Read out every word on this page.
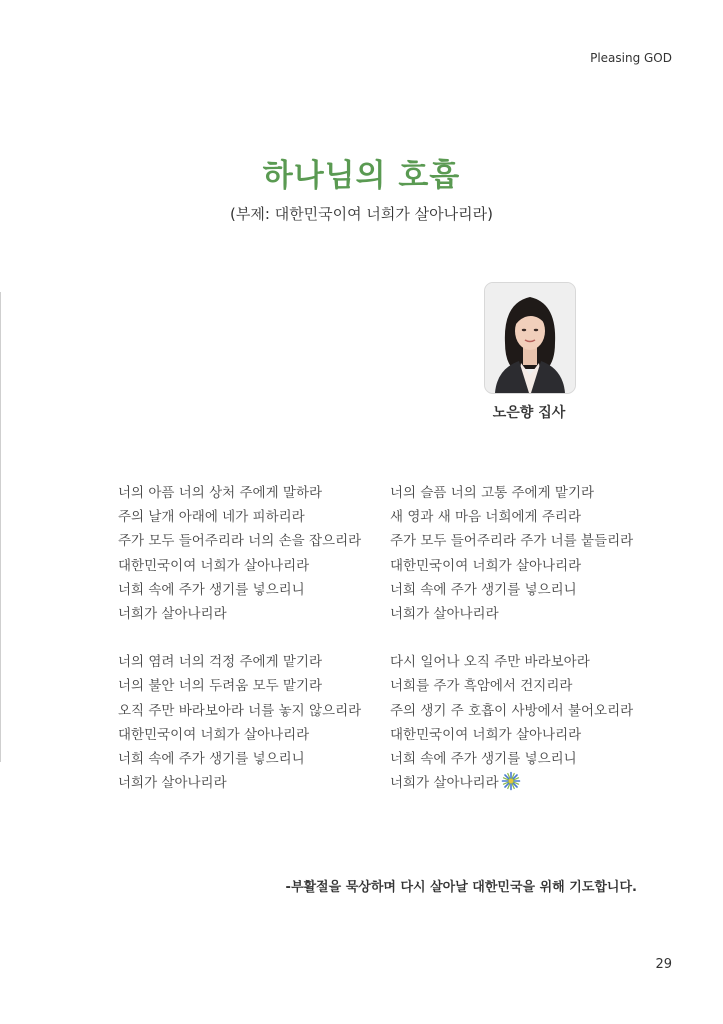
Pleasing GOD
하나님의 호흡
(부제: 대한민국이여 너희가 살아나리라)
노은향 집사

너의 아픔 너의 상처 주에게 말하라
주의 날개 아래에 네가 피하리라
주가 모두 들어주리라 너의 손을 잡으리라
대한민국이여 너희가 살아나리라
너희 속에 주가 생기를 넣으리니
너희가 살아나리라

너의 염려 너의 걱정 주에게 맡기라
너의 불안 너의 두려움 모두 맡기라
오직 주만 바라보아라 너를 놓지 않으리라
대한민국이여 너희가 살아나리라
너희 속에 주가 생기를 넣으리니
너희가 살아나리라

너의 슬픔 너의 고통 주에게 맡기라
새 영과 새 마음 너희에게 주리라
주가 모두 들어주리라 주가 너를 붙들리라
대한민국이여 너희가 살아나리라
너희 속에 주가 생기를 넣으리니
너희가 살아나리라

다시 일어나 오직 주만 바라보아라
너희를 주가 흑암에서 건지리라
주의 생기 주 호흡이 사방에서 불어오리라
대한민국이여 너희가 살아나리라
너희 속에 주가 생기를 넣으리니
너희가 살아나리라

-부활절을 묵상하며 다시 살아날 대한민국을 위해 기도합니다.
29
